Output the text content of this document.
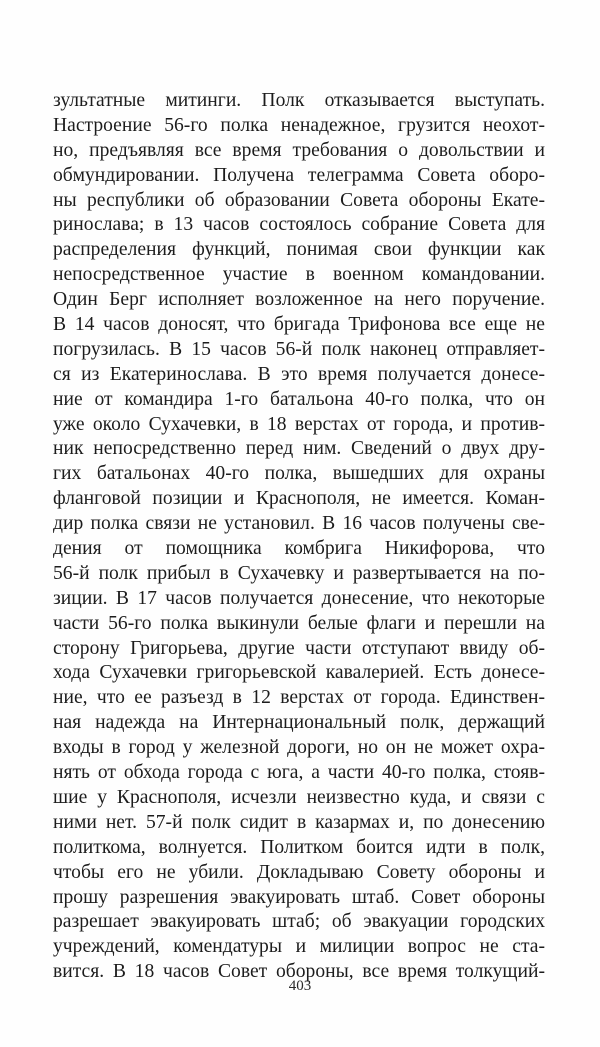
зультатные митинги. Полк отказывается выступать.
Настроение 56-го полка ненадежное, грузится неохот-
но, предъявляя все время требования о довольствии и
обмундировании. Получена телеграмма Совета оборо-
ны республики об образовании Совета обороны Екате-
ринослава; в 13 часов состоялось собрание Совета для
распределения функций, понимая свои функции как
непосредственное участие в военном командовании.
Один Берг исполняет возложенное на него поручение.
В 14 часов доносят, что бригада Трифонова все еще не
погрузилась. В 15 часов 56-й полк наконец отправляет-
ся из Екатеринослава. В это время получается донесе-
ние от командира 1-го батальона 40-го полка, что он
уже около Сухачевки, в 18 верстах от города, и против-
ник непосредственно перед ним. Сведений о двух дру-
гих батальонах 40-го полка, вышедших для охраны
фланговой позиции и Краснополя, не имеется. Коман-
дир полка связи не установил. В 16 часов получены све-
дения от помощника комбрига Никифорова, что
56-й полк прибыл в Сухачевку и развертывается на по-
зиции. В 17 часов получается донесение, что некоторые
части 56-го полка выкинули белые флаги и перешли на
сторону Григорьева, другие части отступают ввиду об-
хода Сухачевки григорьевской кавалерией. Есть донесе-
ние, что ее разъезд в 12 верстах от города. Единствен-
ная надежда на Интернациональный полк, держащий
входы в город у железной дороги, но он не может охра-
нять от обхода города с юга, а части 40-го полка, стояв-
шие у Краснополя, исчезли неизвестно куда, и связи с
ними нет. 57-й полк сидит в казармах и, по донесению
политкома, волнуется. Политком боится идти в полк,
чтобы его не убили. Докладываю Совету обороны и
прошу разрешения эвакуировать штаб. Совет обороны
разрешает эвакуировать штаб; об эвакуации городских
учреждений, комендатуры и милиции вопрос не ста-
вится. В 18 часов Совет обороны, все время толкущий-
403
